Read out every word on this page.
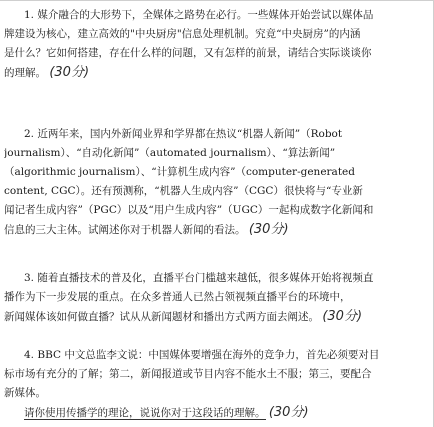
1. 媒介融合的大形势下，全媒体之路势在必行。一些媒体开始尝试以媒体品
牌建设为核心，建立高效的"中央厨房"信息处理机制。究竟“中央厨房”的内涵
是什么？它如何搭建，存在什么样的问题，又有怎样的前景，请结合实际谈谈你
的理解。 (30分)
2. 近两年来，国内外新闻业界和学界都在热议“机器人新闻”（Robot
journalism）、“自动化新闻”（automated journalism）、“算法新闻”
（algorithmic journalism）、“计算机生成内容”（computer-generated
content, CGC）。还有预测称，“机器人生成内容”（CGC）很快将与“专业新
闻记者生成内容”（PGC）以及“用户生成内容”（UGC）一起构成数字化新闻和
信息的三大主体。试阐述你对于机器人新闻的看法。 (30分)
3. 随着直播技术的普及化，直播平台门槛越来越低，很多媒体开始将视频直
播作为下一步发展的重点。在众多普通人已然占领视频直播平台的环境中，
新闻媒体该如何做直播？试从从新闻题材和播出方式两方面去阐述。 (30分)
4. BBC 中文总监李文说：中国媒体要增强在海外的竞争力，首先必须要对目
标市场有充分的了解；第二，新闻报道或节目内容不能水土不服；第三，要配合
新媒体。
请你使用传播学的理论，说说你对于这段话的理解。 (30分)
